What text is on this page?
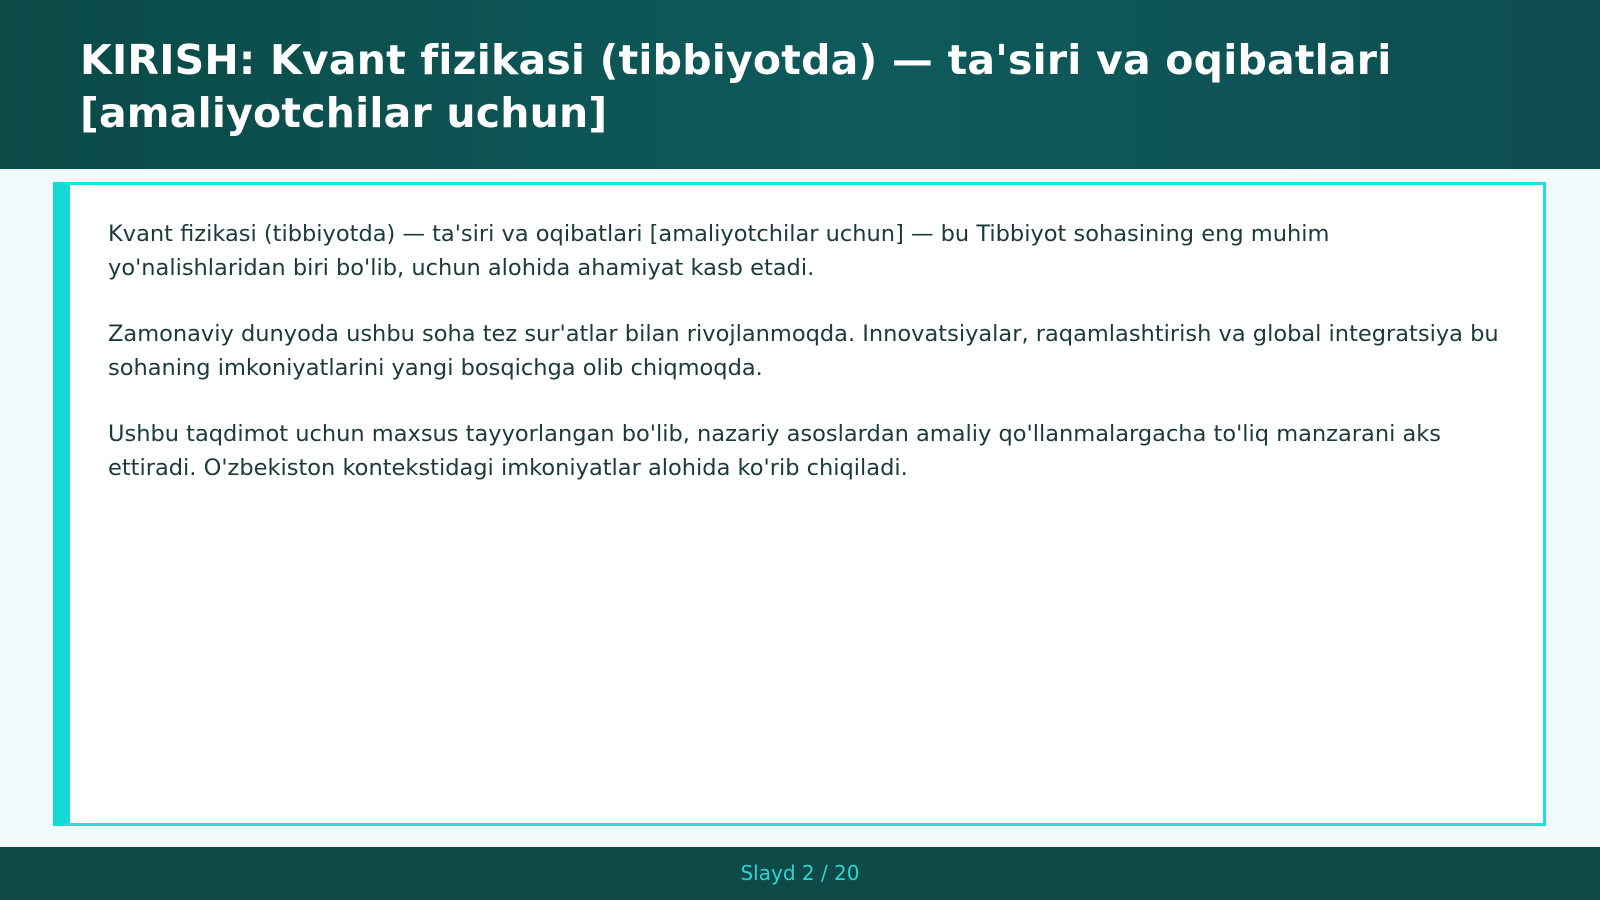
KIRISH: Kvant fizikasi (tibbiyotda) — ta'siri va oqibatlari [amaliyotchilar uchun]

Kvant fizikasi (tibbiyotda) — ta'siri va oqibatlari [amaliyotchilar uchun] — bu Tibbiyot sohasining eng muhim yo'nalishlaridan biri bo'lib, uchun alohida ahamiyat kasb etadi.

Zamonaviy dunyoda ushbu soha tez sur'atlar bilan rivojlanmoqda. Innovatsiyalar, raqamlashtirish va global integratsiya bu sohaning imkoniyatlarini yangi bosqichga olib chiqmoqda.

Ushbu taqdimot uchun maxsus tayyorlangan bo'lib, nazariy asoslardan amaliy qo'llanmalargacha to'liq manzarani aks ettiradi. O'zbekiston kontekstidagi imkoniyatlar alohida ko'rib chiqiladi.

Slayd 2 / 20
